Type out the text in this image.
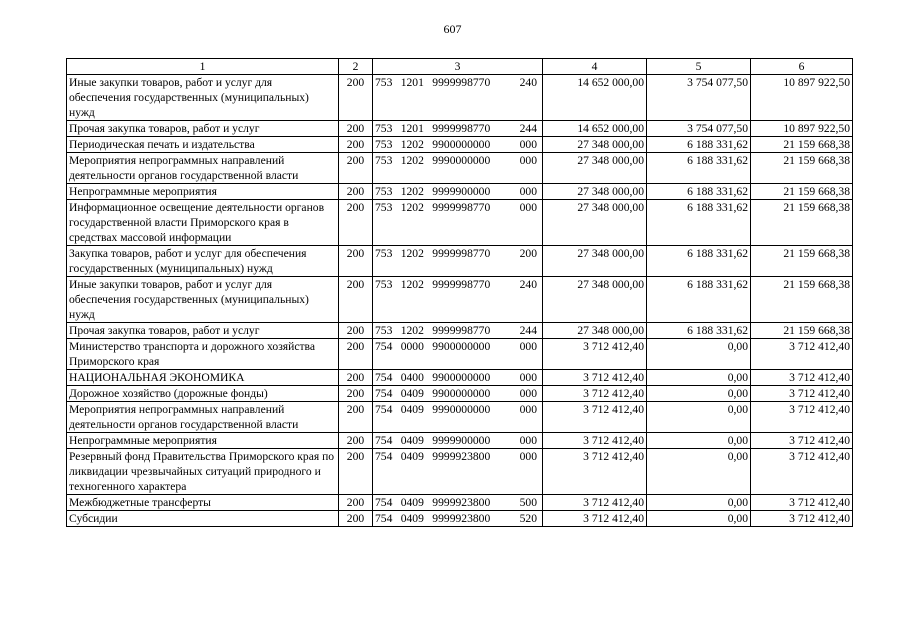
607
1	2	3	4	5	6
Иные закупки товаров, работ и услуг для обеспечения государственных (муниципальных) нужд	200	753 1201 9999998770 240	14 652 000,00	3 754 077,50	10 897 922,50
Прочая закупка товаров, работ и услуг	200	753 1201 9999998770 244	14 652 000,00	3 754 077,50	10 897 922,50
Периодическая печать и издательства	200	753 1202 9900000000 000	27 348 000,00	6 188 331,62	21 159 668,38
Мероприятия непрограммных направлений деятельности органов государственной власти	200	753 1202 9990000000 000	27 348 000,00	6 188 331,62	21 159 668,38
Непрограммные мероприятия	200	753 1202 9999900000 000	27 348 000,00	6 188 331,62	21 159 668,38
Информационное освещение деятельности органов государственной власти Приморского края в средствах массовой информации	200	753 1202 9999998770 000	27 348 000,00	6 188 331,62	21 159 668,38
Закупка товаров, работ и услуг для обеспечения государственных (муниципальных) нужд	200	753 1202 9999998770 200	27 348 000,00	6 188 331,62	21 159 668,38
Иные закупки товаров, работ и услуг для обеспечения государственных (муниципальных) нужд	200	753 1202 9999998770 240	27 348 000,00	6 188 331,62	21 159 668,38
Прочая закупка товаров, работ и услуг	200	753 1202 9999998770 244	27 348 000,00	6 188 331,62	21 159 668,38
Министерство транспорта и дорожного хозяйства Приморского края	200	754 0000 9900000000 000	3 712 412,40	0,00	3 712 412,40
НАЦИОНАЛЬНАЯ ЭКОНОМИКА	200	754 0400 9900000000 000	3 712 412,40	0,00	3 712 412,40
Дорожное хозяйство (дорожные фонды)	200	754 0409 9900000000 000	3 712 412,40	0,00	3 712 412,40
Мероприятия непрограммных направлений деятельности органов государственной власти	200	754 0409 9990000000 000	3 712 412,40	0,00	3 712 412,40
Непрограммные мероприятия	200	754 0409 9999900000 000	3 712 412,40	0,00	3 712 412,40
Резервный фонд Правительства Приморского края по ликвидации чрезвычайных ситуаций природного и техногенного характера	200	754 0409 9999923800 000	3 712 412,40	0,00	3 712 412,40
Межбюджетные трансферты	200	754 0409 9999923800 500	3 712 412,40	0,00	3 712 412,40
Субсидии	200	754 0409 9999923800 520	3 712 412,40	0,00	3 712 412,40
